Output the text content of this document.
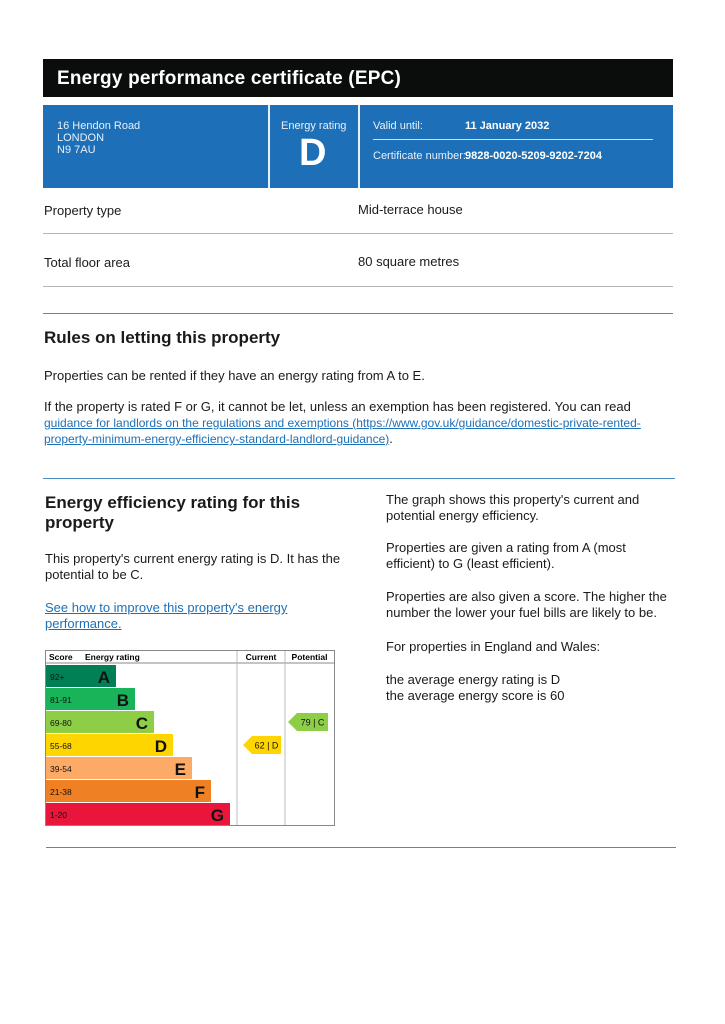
Energy performance certificate (EPC)
16 Hendon Road
LONDON
N9 7AU
Energy rating
D
Valid until:	11 January 2032
Certificate number: 9828-0020-5209-9202-7204
Property type	Mid-terrace house
Total floor area	80 square metres
Rules on letting this property
Properties can be rented if they have an energy rating from A to E.
If the property is rated F or G, it cannot be let, unless an exemption has been registered. You can read guidance for landlords on the regulations and exemptions (https://www.gov.uk/guidance/domestic-private-rented-property-minimum-energy-efficiency-standard-landlord-guidance).
Energy efficiency rating for this property
This property's current energy rating is D. It has the potential to be C.
See how to improve this property's energy performance.
The graph shows this property's current and potential energy efficiency.
Properties are given a rating from A (most efficient) to G (least efficient).
Properties are also given a score. The higher the number the lower your fuel bills are likely to be.
For properties in England and Wales:
the average energy rating is D
the average energy score is 60
Score Energy rating	Current Potential
92+ A
81-91	B
69-80	C
55-68	D
39-54	E
21-38	F
1-20	G
62 | D
79 | C
